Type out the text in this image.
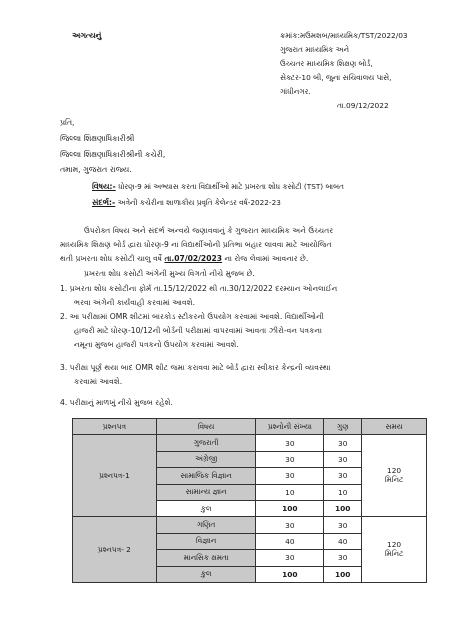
અગત્યનું	ક્રમાંક:મઉમશબ/માધ્યમિક/TST/2022/03
ગુજરાત માધ્યમિક અને
ઉચ્ચતર માધ્યમિક શિક્ષણ બોર્ડ,
સેક્ટર-10 બી, જુના સચિવાલય પાસે,
ગાંધીનગર.
તા.09/12/2022
પ્રતિ,
જિલ્લા શિક્ષણાધિકારીશ્રી
જિલ્લા શિક્ષણાધિકારીશ્રીની કચેરી,
તમામ, ગુજરાત રાજ્ય.
વિષય:- ધોરણ-9 માં અભ્યાસ કરતા વિદ્યાર્થીઓ માટે પ્રખરતા શોધ કસોટી (TST) બાબત
સંદર્ભ:- અત્રેની કચેરીના શાળાકીય પ્રવૃતિ કેલેન્ડર વર્ષ-2022-23
ઉપરોક્ત વિષય અને સંદર્ભ અન્વયે જણાવવાનું કે ગુજરાત માધ્યમિક અને ઉચ્ચતર
માધ્યમિક શિક્ષણ બોર્ડ દ્વારા ધોરણ-9 ના વિદ્યાર્થીઓની પ્રતિભા બહાર લાવવા માટે આયોજિત
થતી પ્રખરતા શોધ કસોટી ચાલુ વર્ષે તા.07/02/2023 ના રોજ લેવામાં આવનાર છે.
પ્રખરતા શોધ કસોટી અંગેની મુખ્ય વિગતો નીચે મુજબ છે.
1. પ્રખરતા શોધ કસોટીના ફોર્મ તા.15/12/2022 થી તા.30/12/2022 દરમ્યાન ઓનલાઈન
ભરવા અંગેની કાર્યવાહી કરવામાં આવશે.
2. આ પરીક્ષામાં OMR શીટમાં બારકોડ સ્ટીકરનો ઉપયોગ કરવામાં આવશે. વિદ્યાર્થીઓની
હાજરી માટે ધોરણ-10/12ની બોર્ડની પરીક્ષામાં વાપરવામાં આવતા ઝીરો-વન પત્રકના
નમૂના મુજબ હાજરી પત્રકનો ઉપયોગ કરવામાં આવશે.
3. પરીક્ષા પૂર્ણ થયા બાદ OMR શીટ જમા કરાવવા માટે બોર્ડ દ્વારા સ્વીકાર કેન્દ્રની વ્યવસ્થા
કરવામાં આવશે.
4. પરીક્ષાનું માળખું નીચે મુજબ રહેશે.
પ્રશ્નપત્ર	વિષય	પ્રશ્નોની સંખ્યા	ગુણ	સમય
પ્રશ્નપત્ર-1	ગુજરાતી	30	30	120
મિનિટ

	અંગ્રેજી	30	30	
	સામાજિક વિજ્ઞાન	30	30	
	સામાન્ય જ્ઞાન	10	10	
	કુલ	100	100	
પ્રશ્નપત્ર- 2	ગણિત	30	30	120
મિનિટ

	વિજ્ઞાન	40	40	
	માનસિક ક્ષમતા	30	30	
	કુલ	100	100	
